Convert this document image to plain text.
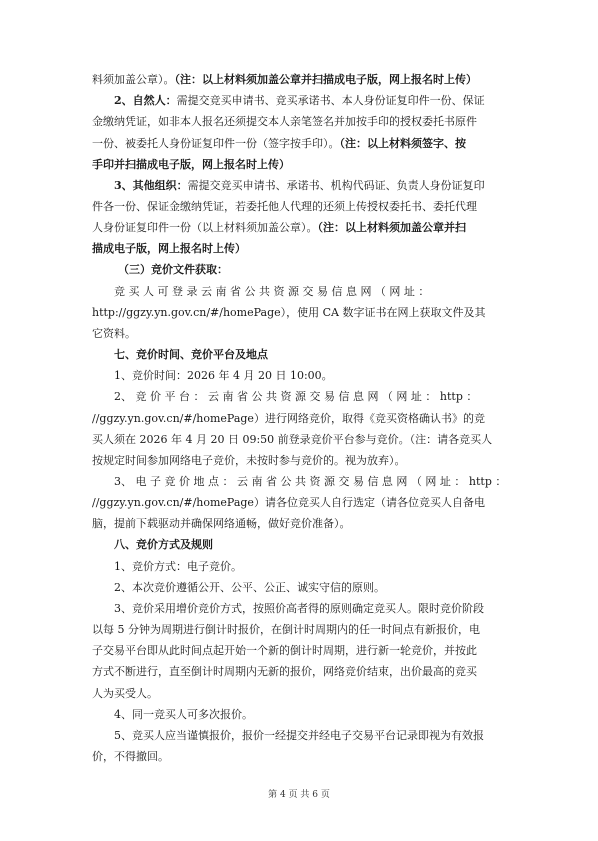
料须加盖公章）。（注：以上材料须加盖公章并扫描成电子版，网上报名时上传）
2、自然人：需提交竞买申请书、竞买承诺书、本人身份证复印件一份、保证
金缴纳凭证，如非本人报名还须提交本人亲笔签名并加按手印的授权委托书原件
一份、被委托人身份证复印件一份（签字按手印）。（注：以上材料须签字、按
手印并扫描成电子版，网上报名时上传）
3、其他组织：需提交竞买申请书、承诺书、机构代码证、负责人身份证复印
件各一份、保证金缴纳凭证，若委托他人代理的还须上传授权委托书、委托代理
人身份证复印件一份（以上材料须加盖公章）。（注：以上材料须加盖公章并扫
描成电子版，网上报名时上传）
（三）竞价文件获取：
竞 买 人 可 登 录 云 南 省 公 共 资 源 交 易 信 息 网 （ 网 址 ：
http://ggzy.yn.gov.cn/#/homePage），使用 CA 数字证书在网上获取文件及其
它资料。
七、竞价时间、竞价平台及地点
1、竞价时间：2026 年 4 月 20 日 10:00。
2、 竞 价 平 台 ： 云 南 省 公 共 资 源 交 易 信 息 网 （ 网 址 ： http ：
//ggzy.yn.gov.cn/#/homePage）进行网络竞价，取得《竞买资格确认书》的竞
买人须在 2026 年 4 月 20 日 09:50 前登录竞价平台参与竞价。（注：请各竞买人
按规定时间参加网络电子竞价，未按时参与竞价的。视为放弃）。
3、 电 子 竞 价 地 点 ： 云 南 省 公 共 资 源 交 易 信 息 网 （ 网 址 ： http ：
//ggzy.yn.gov.cn/#/homePage）请各位竞买人自行选定（请各位竞买人自备电
脑，提前下载驱动并确保网络通畅，做好竞价准备）。
八、竞价方式及规则
1、竞价方式：电子竞价。
2、本次竞价遵循公开、公平、公正、诚实守信的原则。
3、竞价采用增价竞价方式，按照价高者得的原则确定竞买人。限时竞价阶段
以每 5 分钟为周期进行倒计时报价，在倒计时周期内的任一时间点有新报价，电
子交易平台即从此时间点起开始一个新的倒计时周期，进行新一轮竞价，并按此
方式不断进行，直至倒计时周期内无新的报价，网络竞价结束，出价最高的竞买
人为买受人。
4、同一竞买人可多次报价。
5、竞买人应当谨慎报价，报价一经提交并经电子交易平台记录即视为有效报
价，不得撤回。
第 4 页 共 6 页
